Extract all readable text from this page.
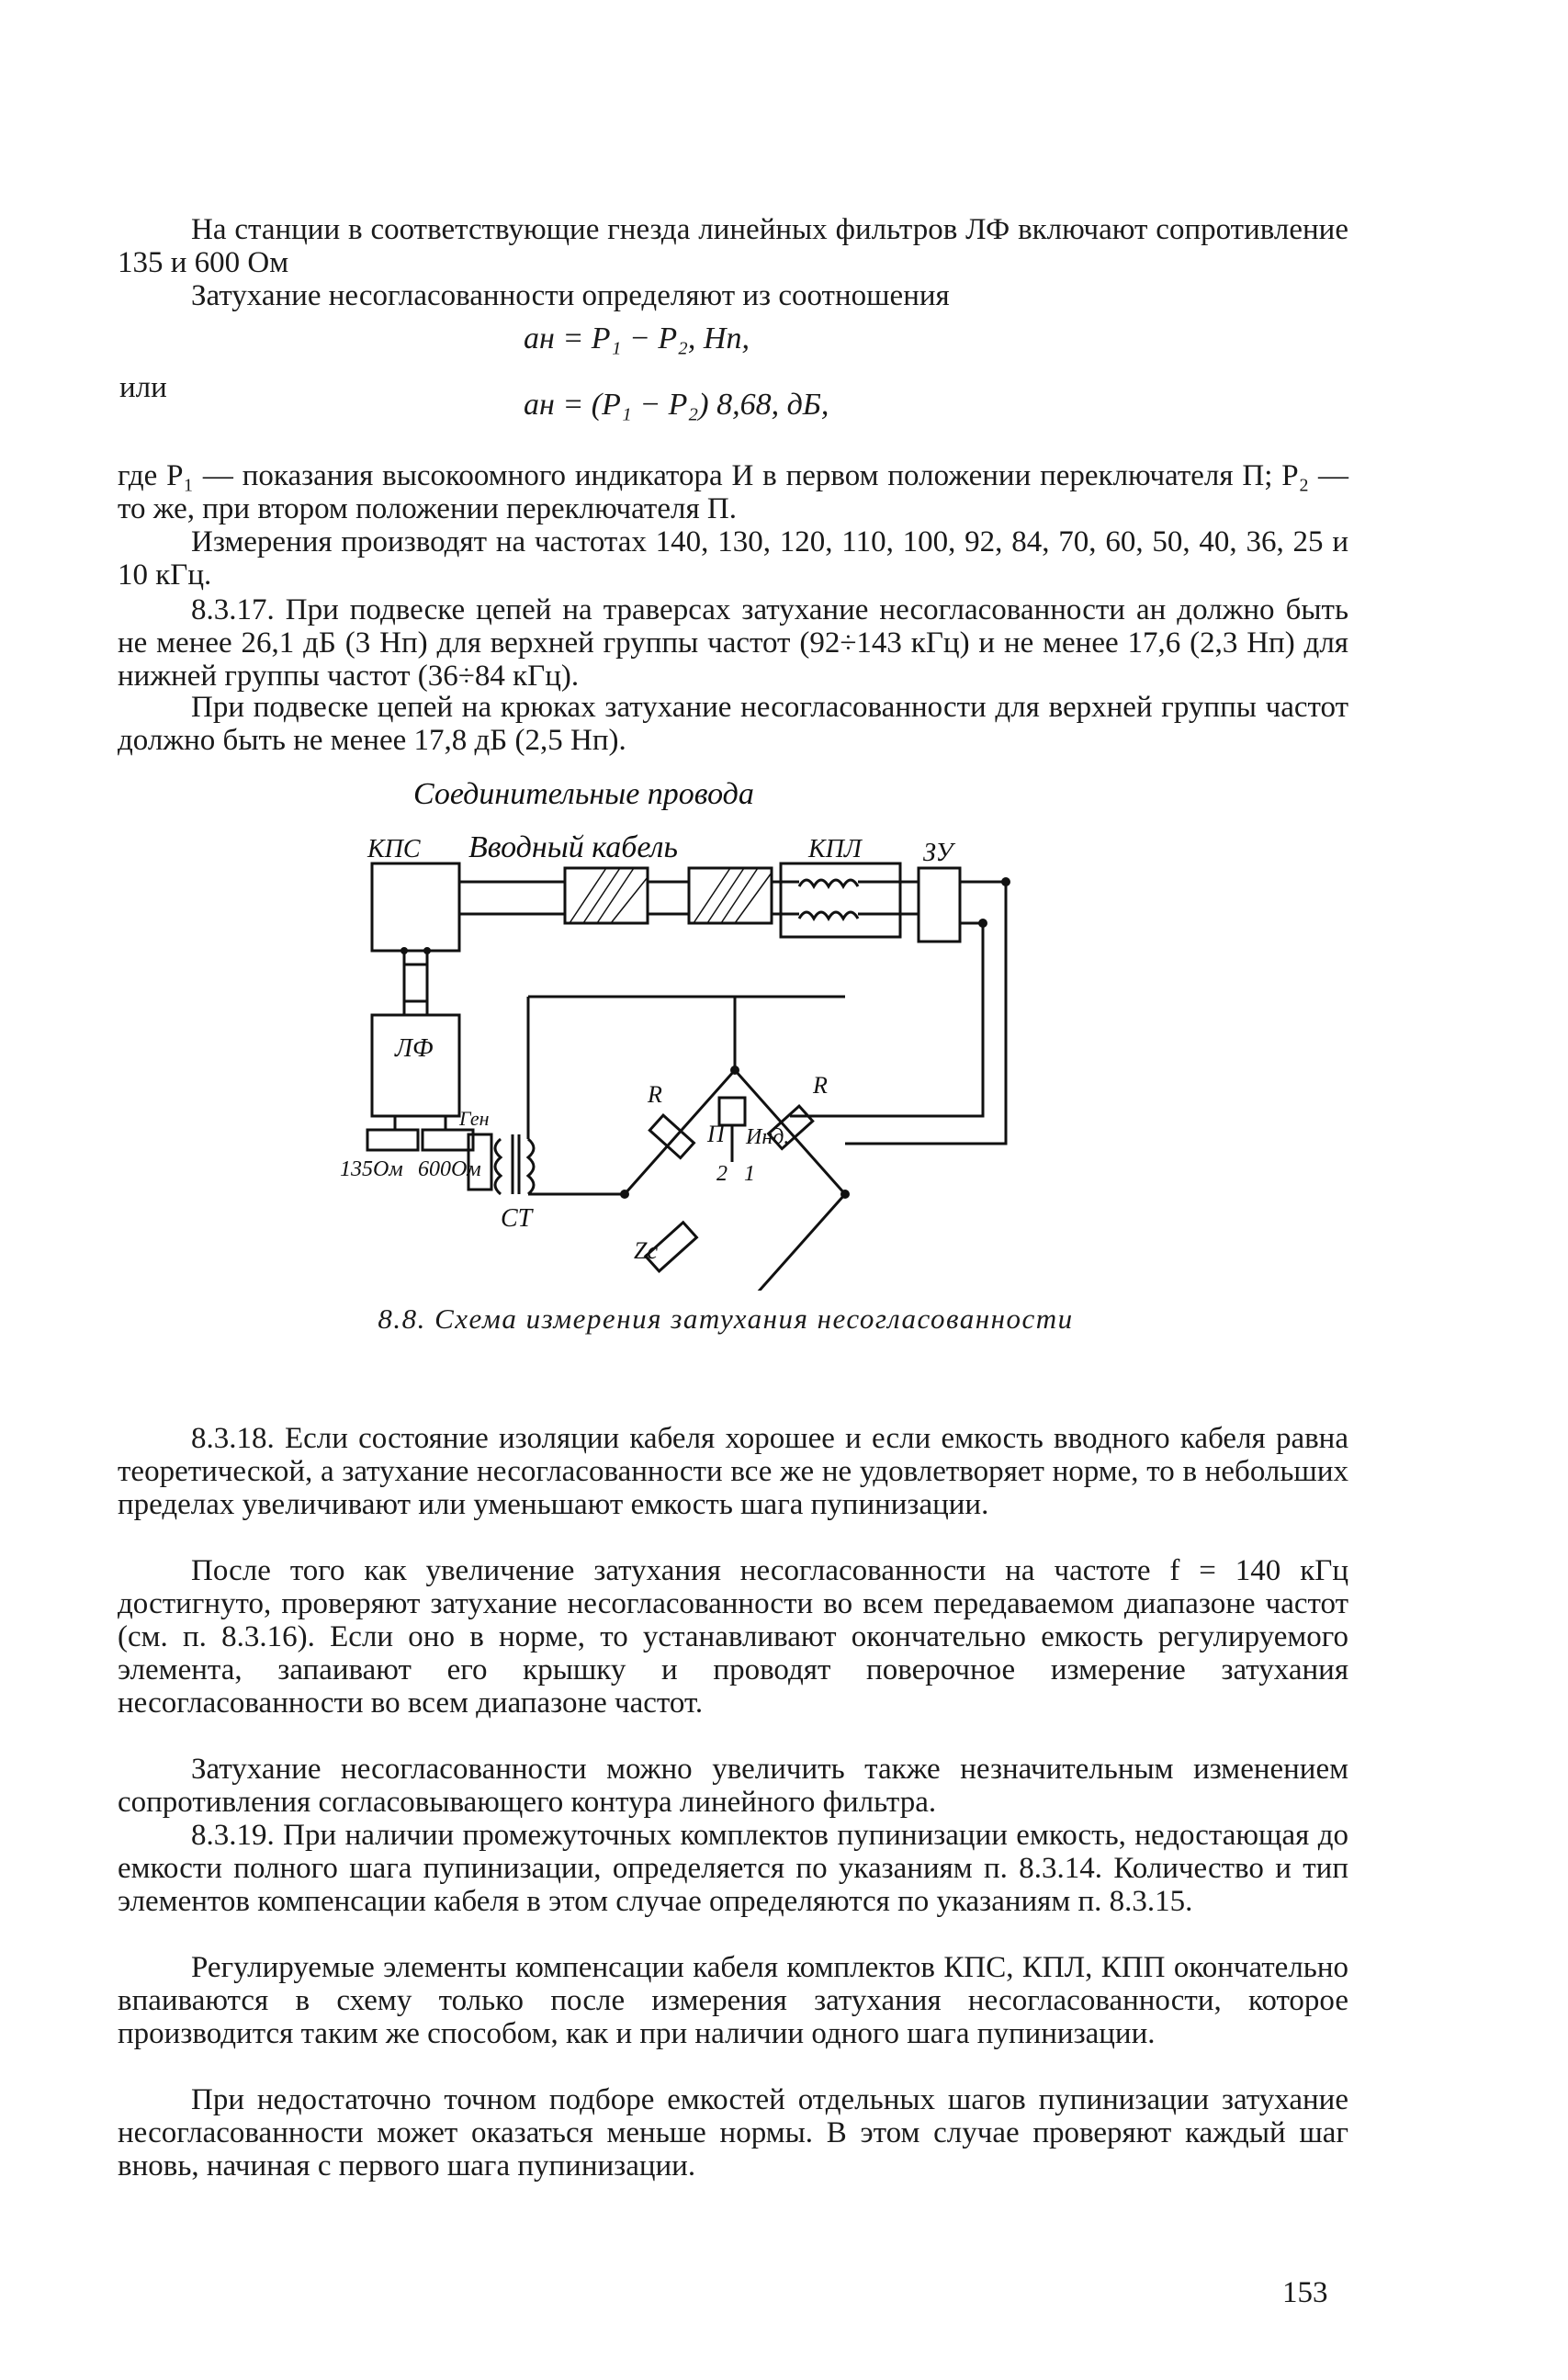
На станции в соответствующие гнезда линейных фильтров ЛФ включают сопротивление 135 и 600 Ом

Затухание несогласованности определяют из соотношения

aн = P₁ − P₂, Нп,
или	aн = (P₁ − P₂) 8,68, дБ,

где P₁ — показания высокоомного индикатора И в первом положении переключателя П; P₂ — то же, при втором положении переключателя П.

Измерения производят на частотах 140, 130, 120, 110, 100, 92, 84, 70, 60, 50, 40, 36, 25 и 10 кГц.

8.3.17. При подвеске цепей на траверсах затухание несогласованности aн должно быть не менее 26,1 дБ (3 Нп) для верхней группы частот (92÷143 кГц) и не менее 17,6 (2,3 Нп) для нижней группы частот (36÷84 кГц).

При подвеске цепей на крюках затухание несогласованности для верхней группы частот должно быть не менее 17,8 дБ (2,5 Нп).

Соединительные провода
КПС Вводный кабель	КПЛ ЗУ
ЛФ
135Ом 600Ом
Ген
СТ
R	R
П Инд.
2 1
Zc
8.8. Схема измерения затухания несогласованности

8.3.18. Если состояние изоляции кабеля хорошее и если емкость вводного кабеля равна теоретической, а затухание несогласованности все же не удовлетворяет норме, то в небольших пределах увеличивают или уменьшают емкость шага пупинизации.

После того как увеличение затухания несогласованности на частоте f = 140 кГц достигнуто, проверяют затухание несогласованности во всем передаваемом диапазоне частот (см. п. 8.3.16). Если оно в норме, то устанавливают окончательно емкость регулируемого элемента, запаивают его крышку и проводят поверочное измерение затухания несогласованности во всем диапазоне частот.

Затухание несогласованности можно увеличить также незначительным изменением сопротивления согласовывающего контура линейного фильтра.

8.3.19. При наличии промежуточных комплектов пупинизации емкость, недостающая до емкости полного шага пупинизации, определяется по указаниям п. 8.3.14. Количество и тип элементов компенсации кабеля в этом случае определяются по указаниям п. 8.3.15.

Регулируемые элементы компенсации кабеля комплектов КПС, КПЛ, КПП окончательно впаиваются в схему только после измерения затухания несогласованности, которое производится таким же способом, как и при наличии одного шага пупинизации.

При недостаточно точном подборе емкостей отдельных шагов пупинизации затухание несогласованности может оказаться меньше нормы. В этом случае проверяют каждый шаг вновь, начиная с первого шага пупинизации.

153
